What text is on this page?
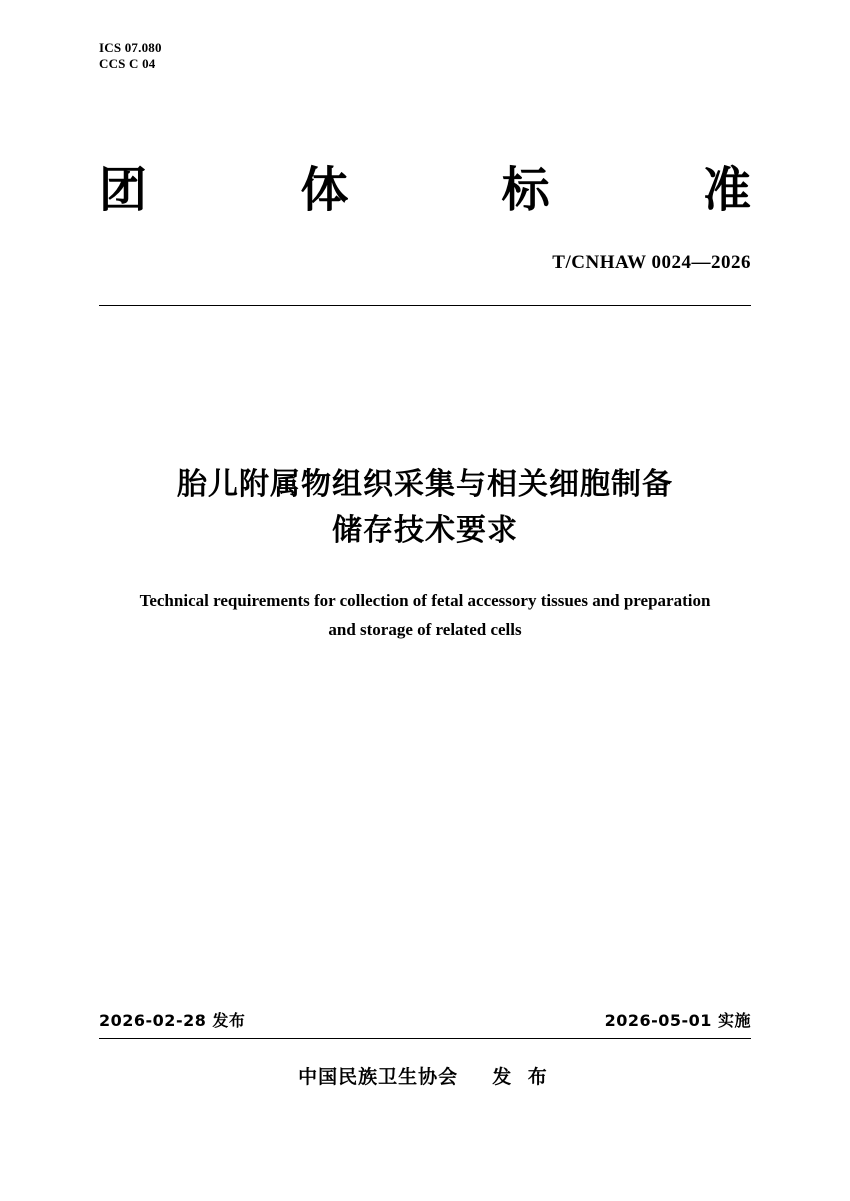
ICS 07.080
CCS C 04
团	体	标	准
T/CNHAW 0024—2026
胎儿附属物组织采集与相关细胞制备
储存技术要求
Technical requirements for collection of fetal accessory tissues and preparation
and storage of related cells
2026-02-28 发布	2026-05-01 实施
中国民族卫生协会 发 布
